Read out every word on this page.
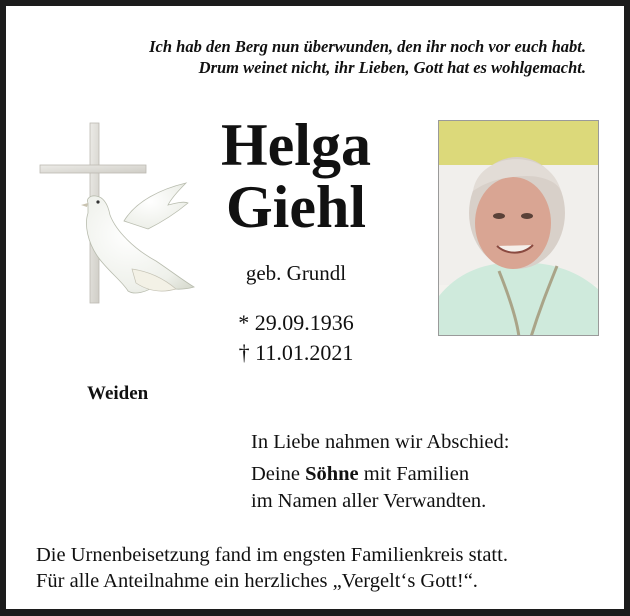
Ich hab den Berg nun überwunden, den ihr noch vor euch habt.
Drum weinet nicht, ihr Lieben, Gott hat es wohlgemacht.
Helga
Giehl
geb. Grundl
* 29.09.1936
† 11.01.2021
Weiden
In Liebe nahmen wir Abschied:
Deine Söhne mit Familien
im Namen aller Verwandten.
Die Urnenbeisetzung fand im engsten Familienkreis statt.
Für alle Anteilnahme ein herzliches „Vergelt‘s Gott!“.
